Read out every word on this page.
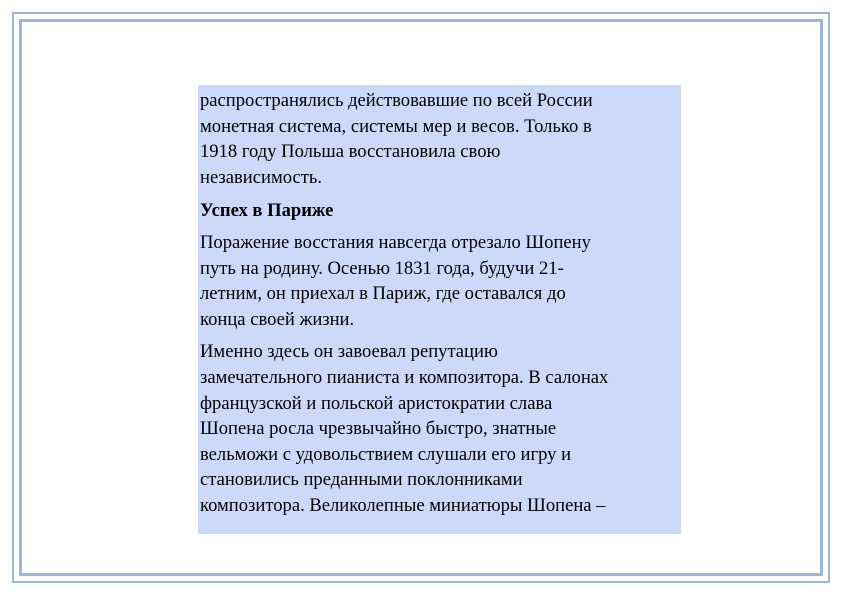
распространялись действовавшие по всей России
монетная система, системы мер и весов. Только в
1918 году Польша восстановила свою
независимость.

Успех в Париже

Поражение восстания навсегда отрезало Шопену
путь на родину. Осенью 1831 года, будучи 21-
летним, он приехал в Париж, где оставался до
конца своей жизни.

Именно здесь он завоевал репутацию
замечательного пианиста и композитора. В салонах
французской и польской аристократии слава
Шопена росла чрезвычайно быстро, знатные
вельможи с удовольствием слушали его игру и
становились преданными поклонниками
композитора. Великолепные миниатюры Шопена –
